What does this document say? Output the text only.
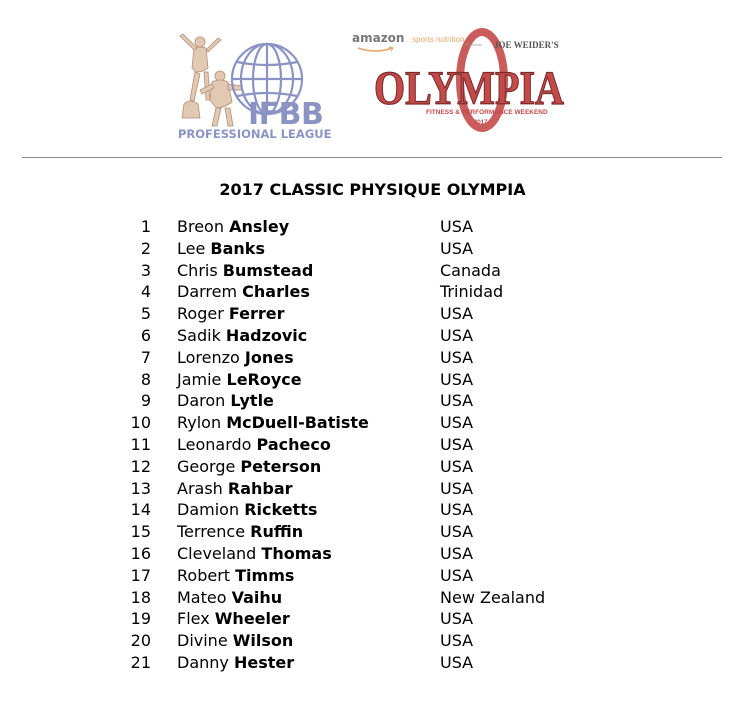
IFBB
PROFESSIONAL LEAGUE
amazon sports nutrition
Presents JOE WEIDER'S
OLYMPIA
FITNESS & PERFORMANCE WEEKEND
2017
2017 CLASSIC PHYSIQUE OLYMPIA
1 Breon Ansley	USA
2 Lee Banks	USA
3 Chris Bumstead	Canada
4 Darrem Charles	Trinidad
5 Roger Ferrer	USA
6 Sadik Hadzovic	USA
7 Lorenzo Jones	USA
8 Jamie LeRoyce	USA
9 Daron Lytle	USA
10 Rylon McDuell-Batiste	USA
11 Leonardo Pacheco	USA
12 George Peterson	USA
13 Arash Rahbar	USA
14 Damion Ricketts	USA
15 Terrence Ruffin	USA
16 Cleveland Thomas	USA
17 Robert Timms	USA
18 Mateo Vaihu	New Zealand
19 Flex Wheeler	USA
20 Divine Wilson	USA
21 Danny Hester	USA
